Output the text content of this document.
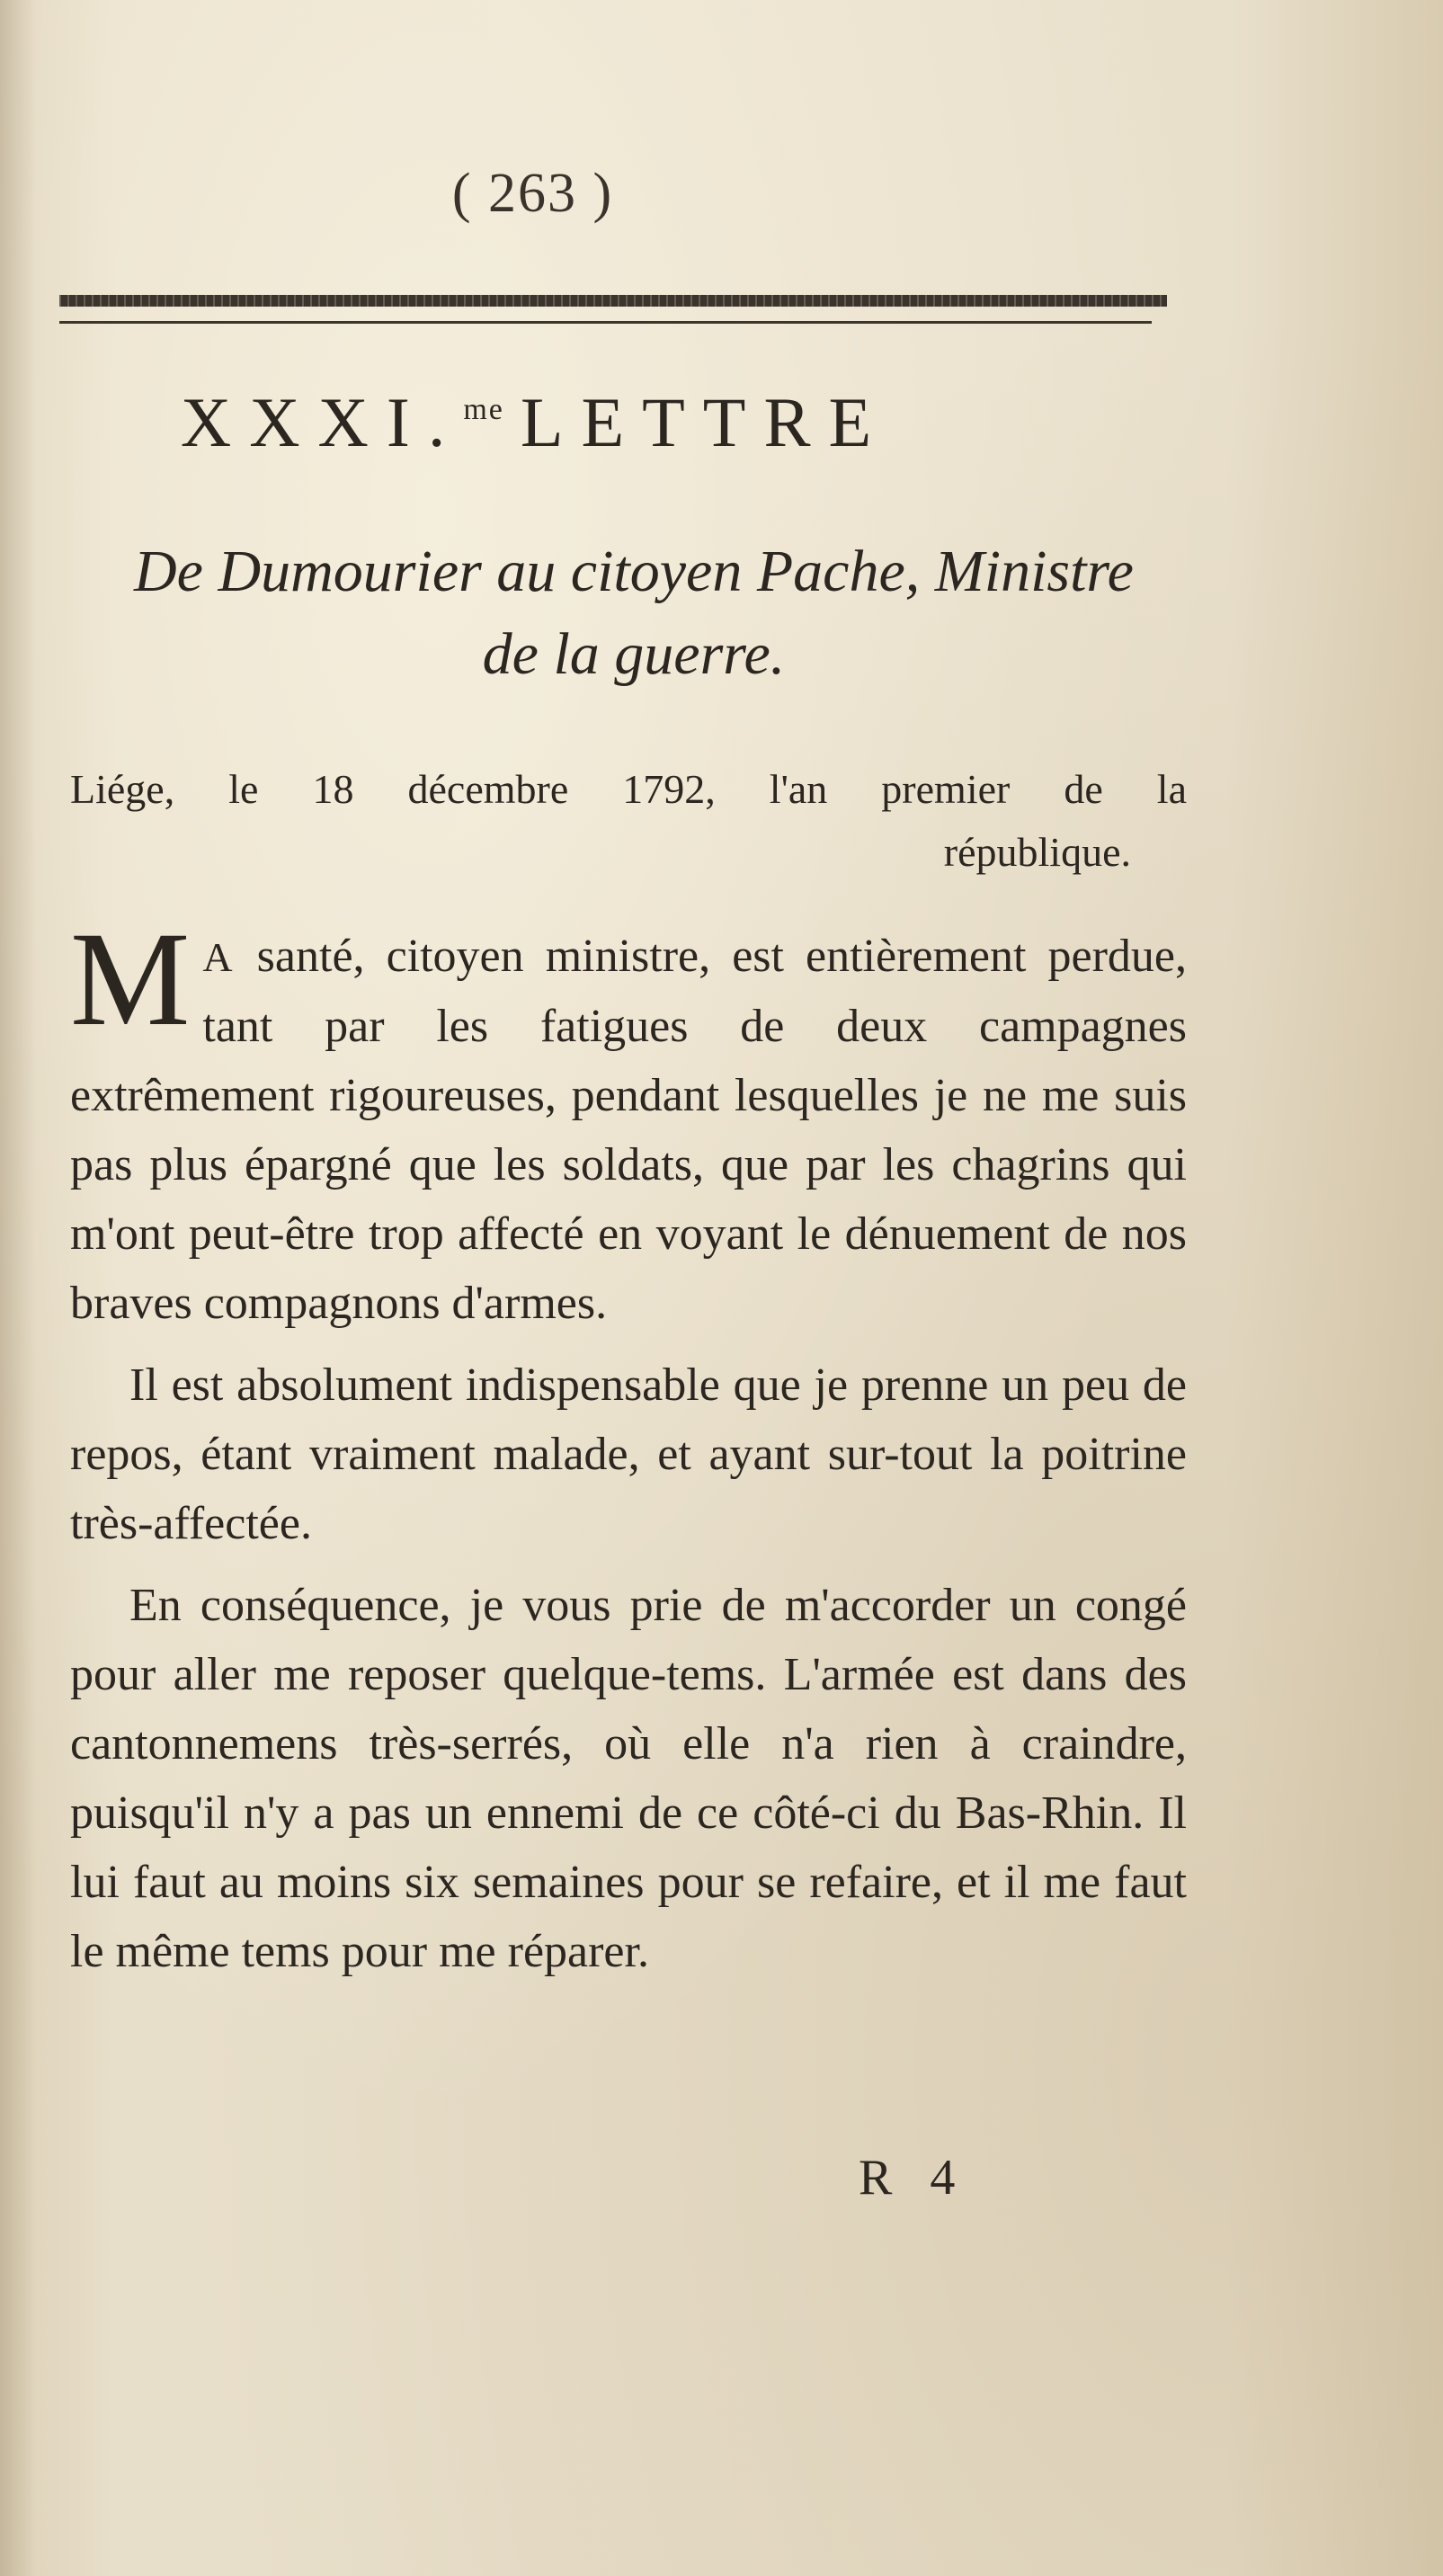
( 263 )
XXXI.$^{me}$ LETTRE
De Dumourier au citoyen Pache, Ministre
de la guerre.
Liége, le 18 décembre 1792, l'an premier de la
république.

M A santé, citoyen ministre, est entièrement perdue, tant par les fatigues de deux campagnes extrêmement rigoureuses, pendant lesquelles je ne me suis pas plus épargné que les soldats, que par les chagrins qui m'ont peut-être trop affecté en voyant le dénuement de nos braves compagnons d'armes.

Il est absolument indispensable que je prenne un peu de repos, étant vraiment malade, et ayant sur-tout la poitrine très-affectée.

En conséquence, je vous prie de m'accorder un congé pour aller me reposer quelque-tems. L'armée est dans des cantonnemens très-serrés, où elle n'a rien à craindre, puisqu'il n'y a pas un ennemi de ce côté-ci du Bas-Rhin. Il lui faut au moins six semaines pour se refaire, et il me faut le même tems pour me réparer.

R 4
